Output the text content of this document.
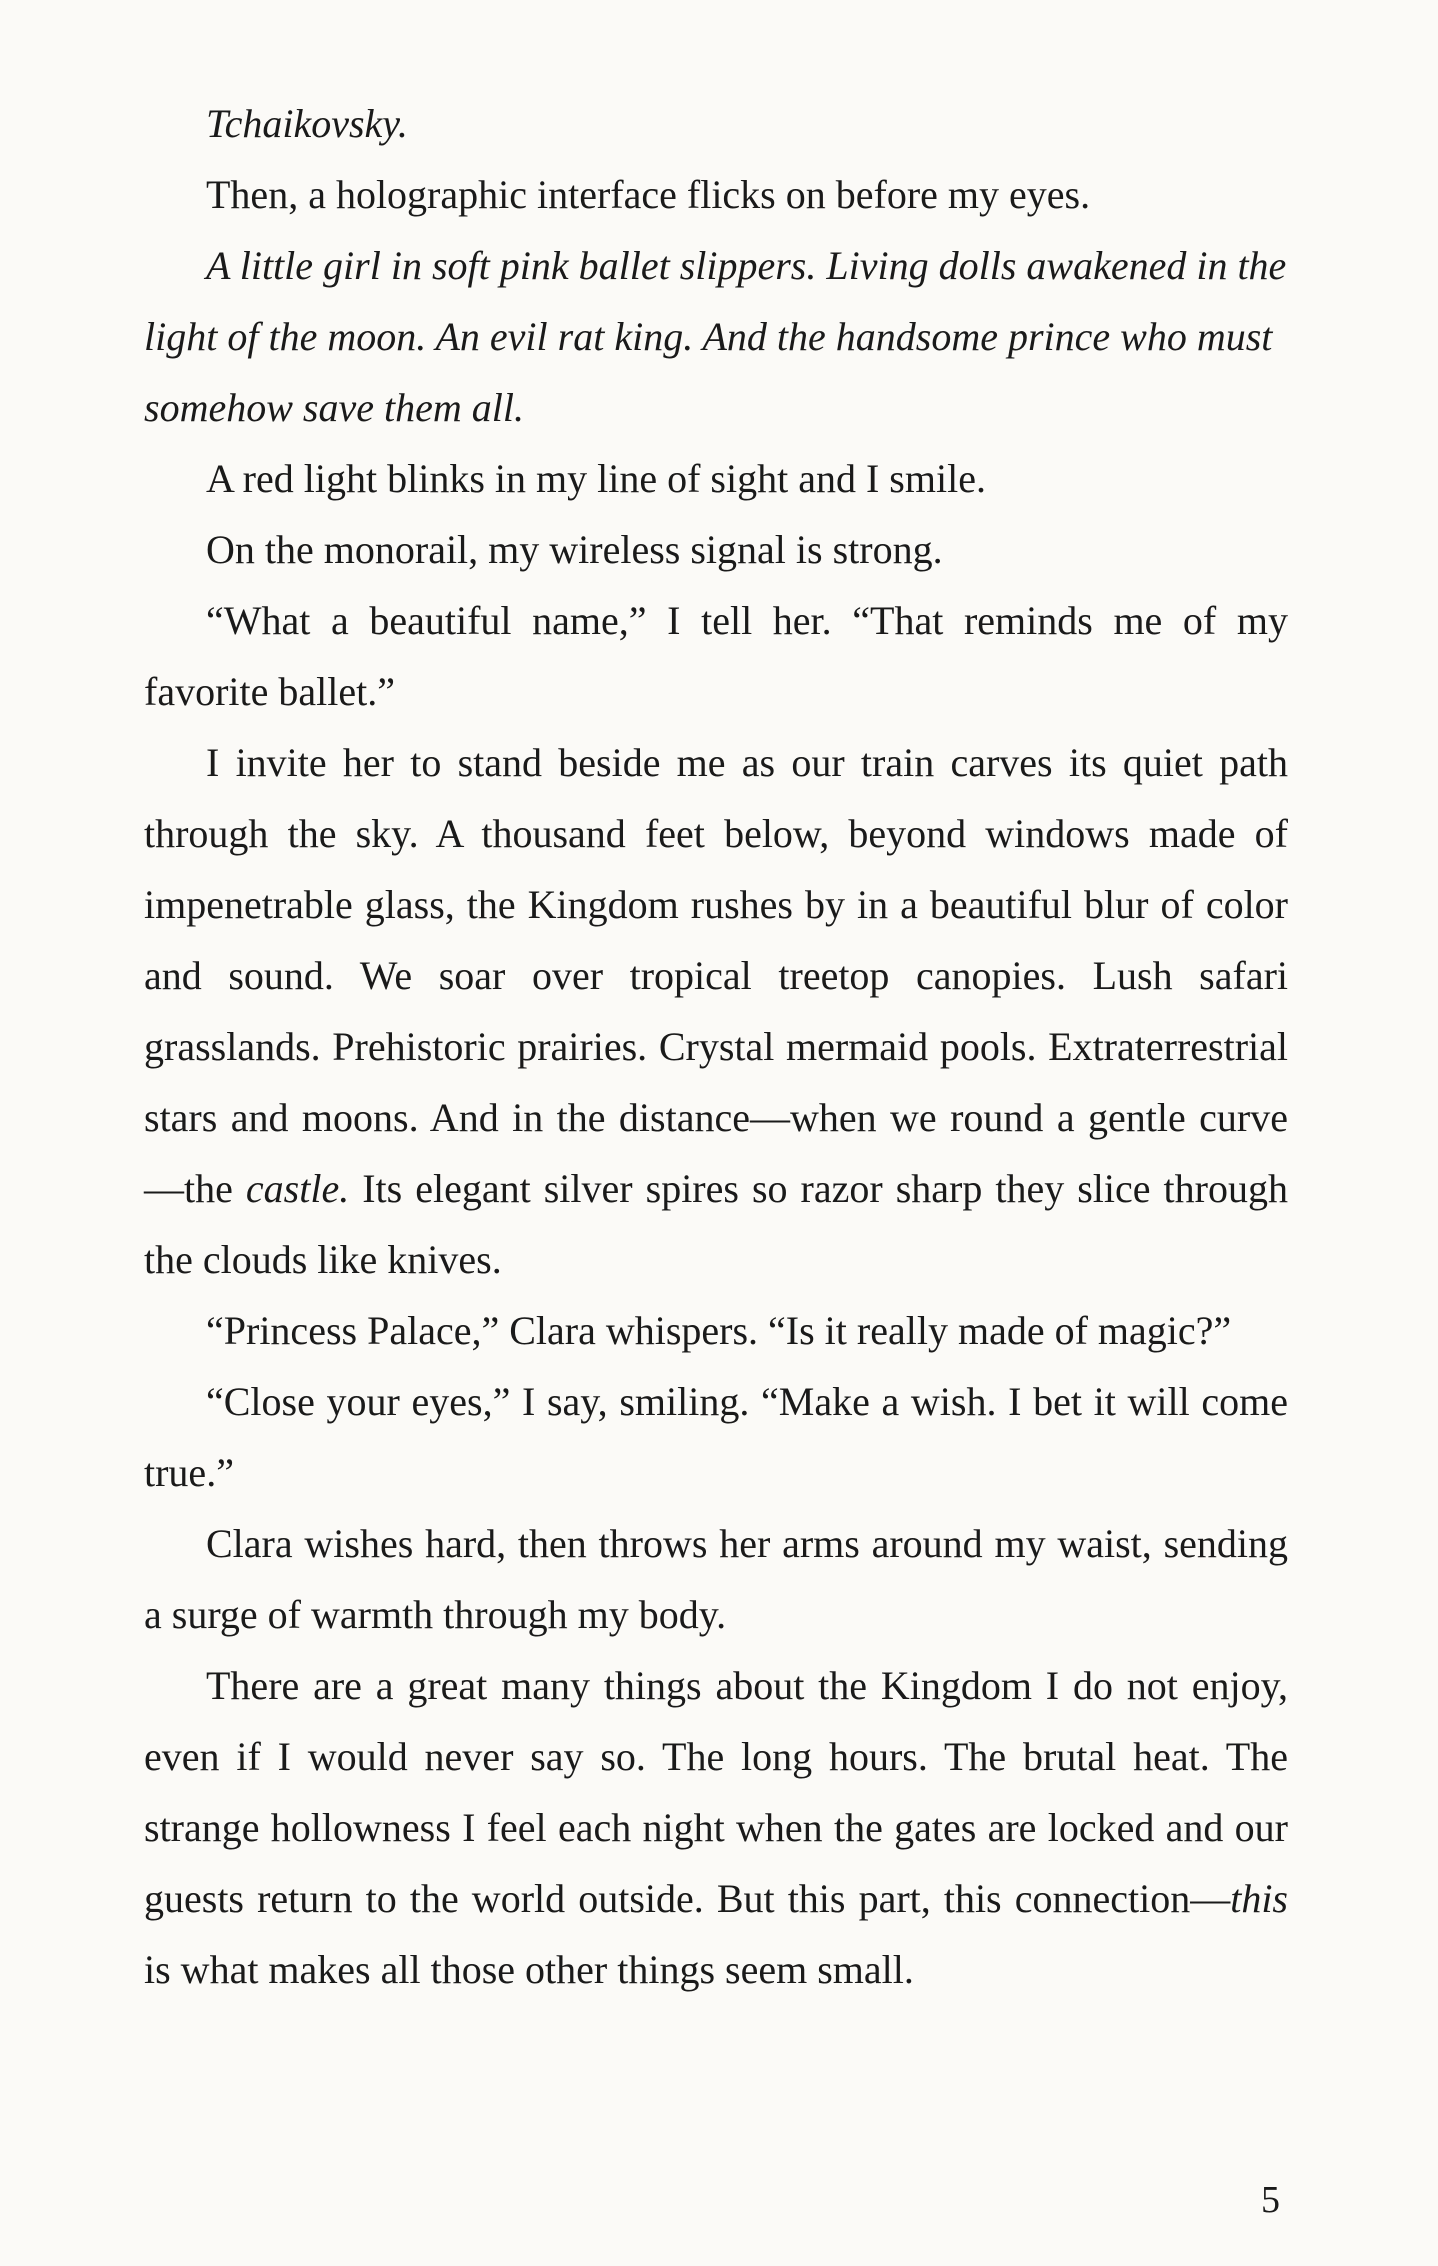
Tchaikovsky.

Then, a holographic interface flicks on before my eyes.

A little girl in soft pink ballet slippers. Living dolls awakened in the light of the moon. An evil rat king. And the handsome prince who must somehow save them all.

A red light blinks in my line of sight and I smile.

On the monorail, my wireless signal is strong.

“What a beautiful name,” I tell her. “That reminds me of my favorite ballet.”

I invite her to stand beside me as our train carves its quiet path through the sky. A thousand feet below, beyond windows made of impenetrable glass, the Kingdom rushes by in a beautiful blur of color and sound. We soar over tropical treetop canopies. Lush safari grasslands. Prehistoric prairies. Crystal mermaid pools. Extraterrestrial stars and moons. And in the distance—when we round a gentle curve—the castle. Its elegant silver spires so razor sharp they slice through the clouds like knives.

“Princess Palace,” Clara whispers. “Is it really made of magic?”

“Close your eyes,” I say, smiling. “Make a wish. I bet it will come true.”

Clara wishes hard, then throws her arms around my waist, sending a surge of warmth through my body.

There are a great many things about the Kingdom I do not enjoy, even if I would never say so. The long hours. The brutal heat. The strange hollowness I feel each night when the gates are locked and our guests return to the world outside. But this part, this connection—this is what makes all those other things seem small.

5
